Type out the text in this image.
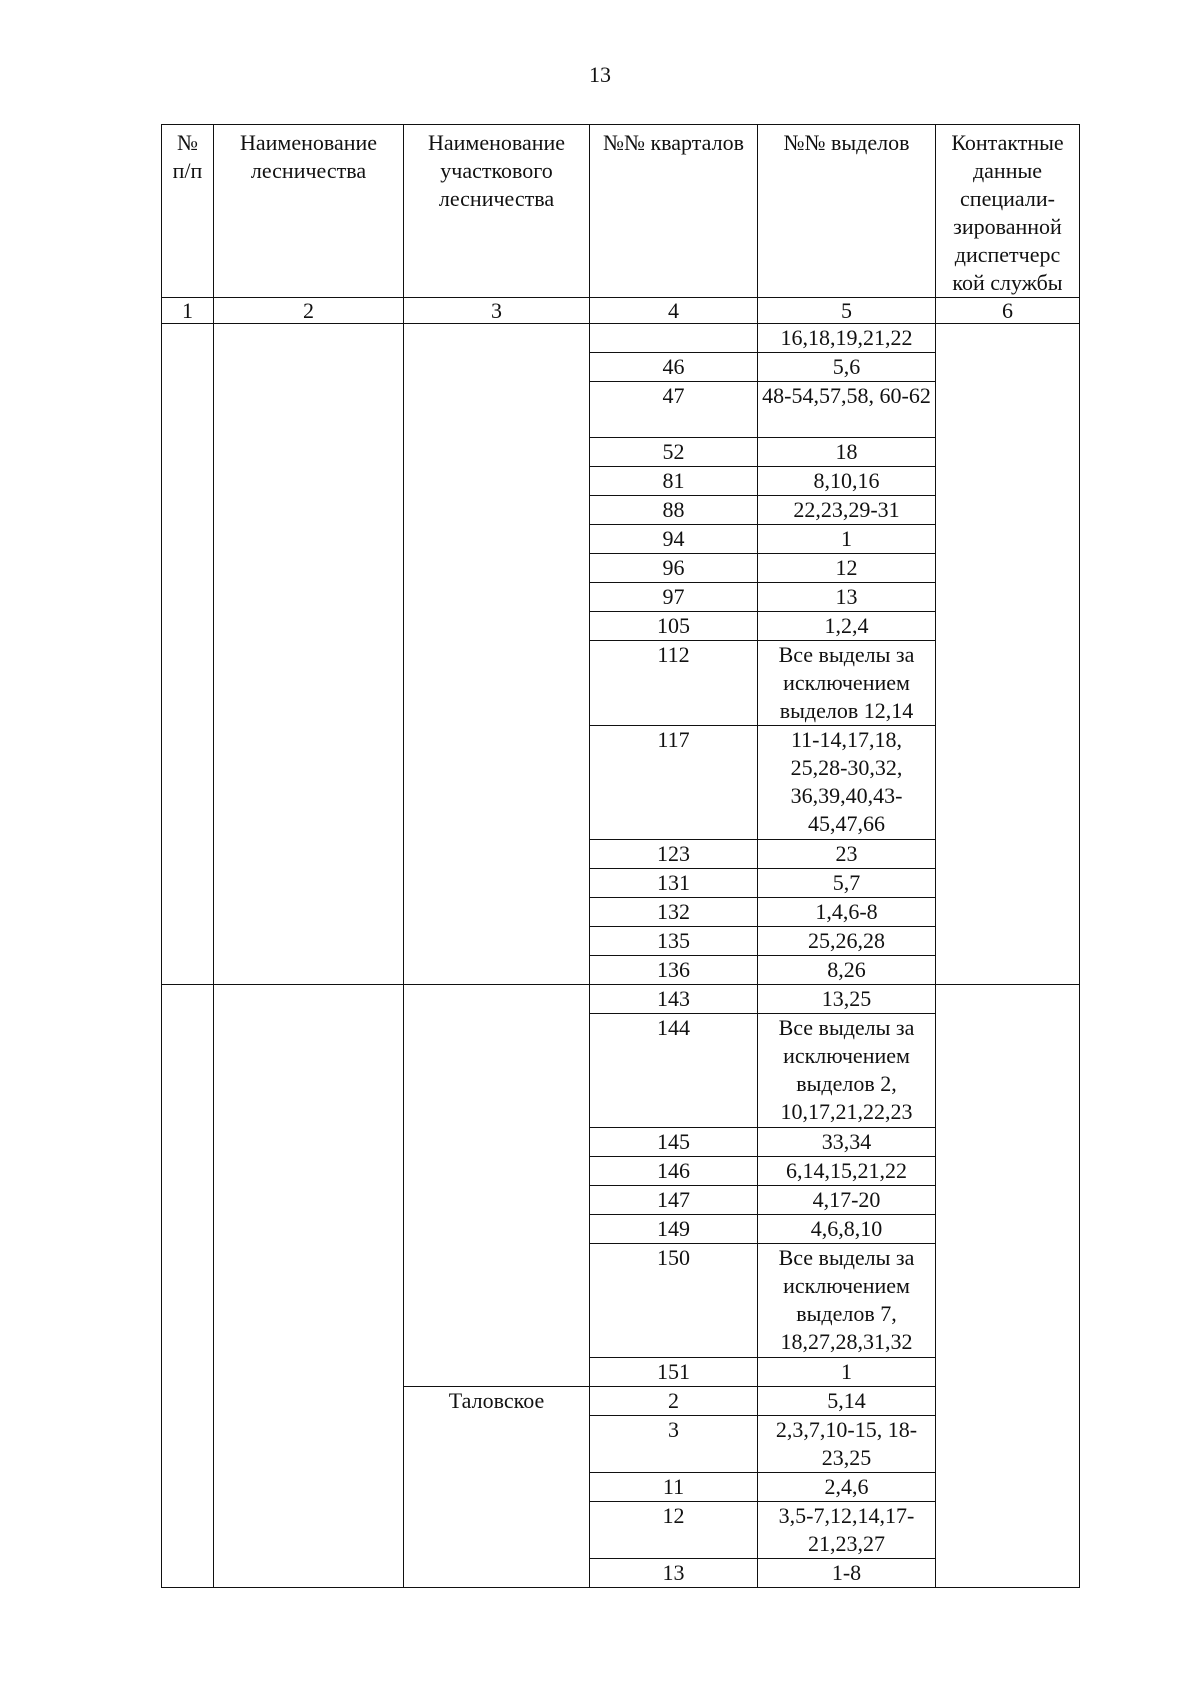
13
№ п/п	Наименование лесничества	Наименование участкового лесничества	№№ кварталов	№№ выделов	Контактные данные специали- зированной диспетчерс кой службы
1	2	3	4	5	6
				16,18,19,21,22	
			46	5,6	
			47	48-54,57,58, 60-62	
			52	18	
			81	8,10,16	
			88	22,23,29-31	
			94	1	
			96	12	
			97	13	
			105	1,2,4	
			112	Все выделы за исключением выделов 12,14	
			117	11-14,17,18, 25,28-30,32, 36,39,40,43- 45,47,66	
			123	23	
			131	5,7	
			132	1,4,6-8	
			135	25,26,28	
			136	8,26	
			143	13,25	
			144	Все выделы за исключением выделов 2, 10,17,21,22,23	
			145	33,34	
			146	6,14,15,21,22	
			147	4,17-20	
			149	4,6,8,10	
			150	Все выделы за исключением выделов 7, 18,27,28,31,32	
			151	1	
		Таловское	2	5,14	
			3	2,3,7,10-15, 18- 23,25	
			11	2,4,6	
			12	3,5-7,12,14,17- 21,23,27	
			13	1-8	
